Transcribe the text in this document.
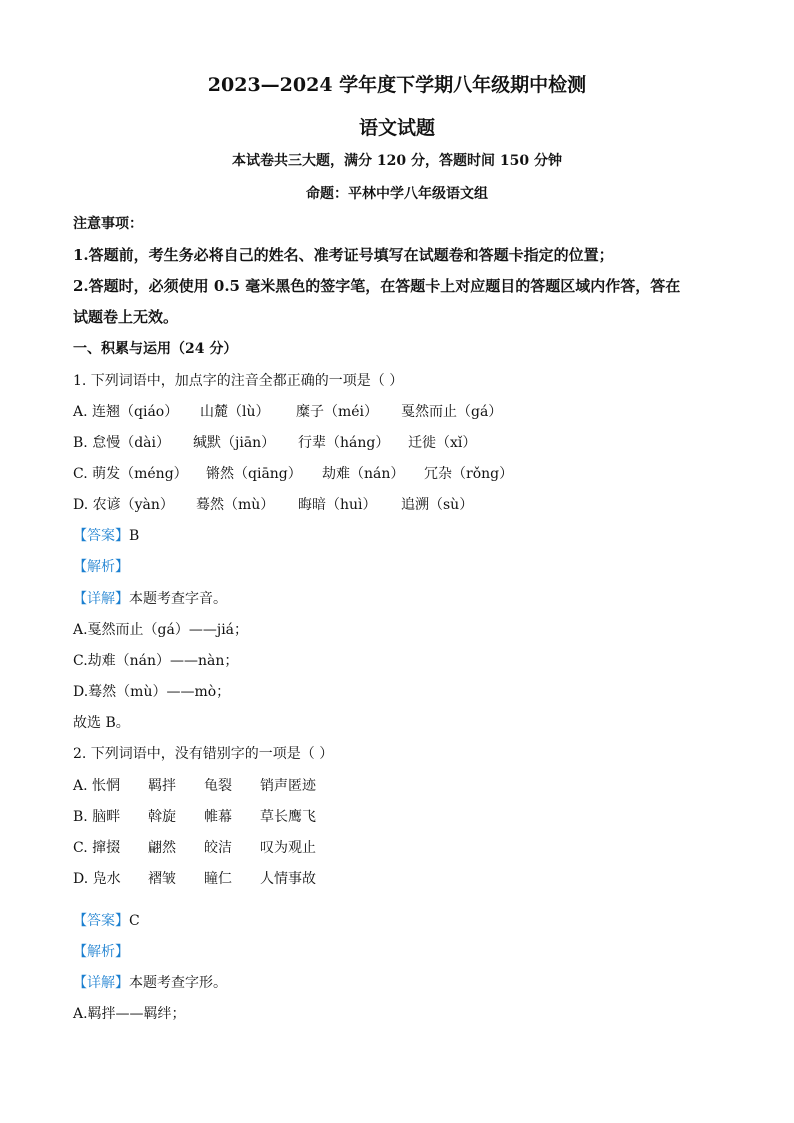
2023—2024 学年度下学期八年级期中检测
语文试题
本试卷共三大题，满分 120 分，答题时间 150 分钟
命题：平林中学八年级语文组
注意事项：
1.答题前，考生务必将自己的姓名、准考证号填写在试题卷和答题卡指定的位置；
2.答题时，必须使用 0.5 毫米黑色的签字笔，在答题卡上对应题目的答题区域内作答，答在
试题卷上无效。
一、积累与运用（24 分）
1. 下列词语中，加点字的注音全都正确的一项是（ ）
A. 连翘（qiáo） 山麓（lù） 糜子（méi） 戛然而止（gá）
B. 怠慢（dài） 缄默（jiān） 行辈（háng） 迁徙（xǐ）
C. 萌发（méng） 锵然（qiāng） 劫难（nán） 冗杂（rǒng）
D. 农谚（yàn） 蓦然（mù） 晦暗（huì） 追溯（sù）
【答案】B
【解析】
【详解】本题考查字音。
A.戛然而止（gá）——jiá；
C.劫难（nán）——nàn；
D.蓦然（mù）——mò；
故选 B。
2. 下列词语中，没有错别字的一项是（ ）
A. 怅惘 羁拌 龟裂 销声匿迹
B. 脑畔 斡旋 帷幕 草长鹰飞
C. 撺掇 翩然 皎洁 叹为观止
D. 凫水 褶皱 瞳仁 人情事故
【答案】C
【解析】
【详解】本题考查字形。
A.羁拌——羁绊；
